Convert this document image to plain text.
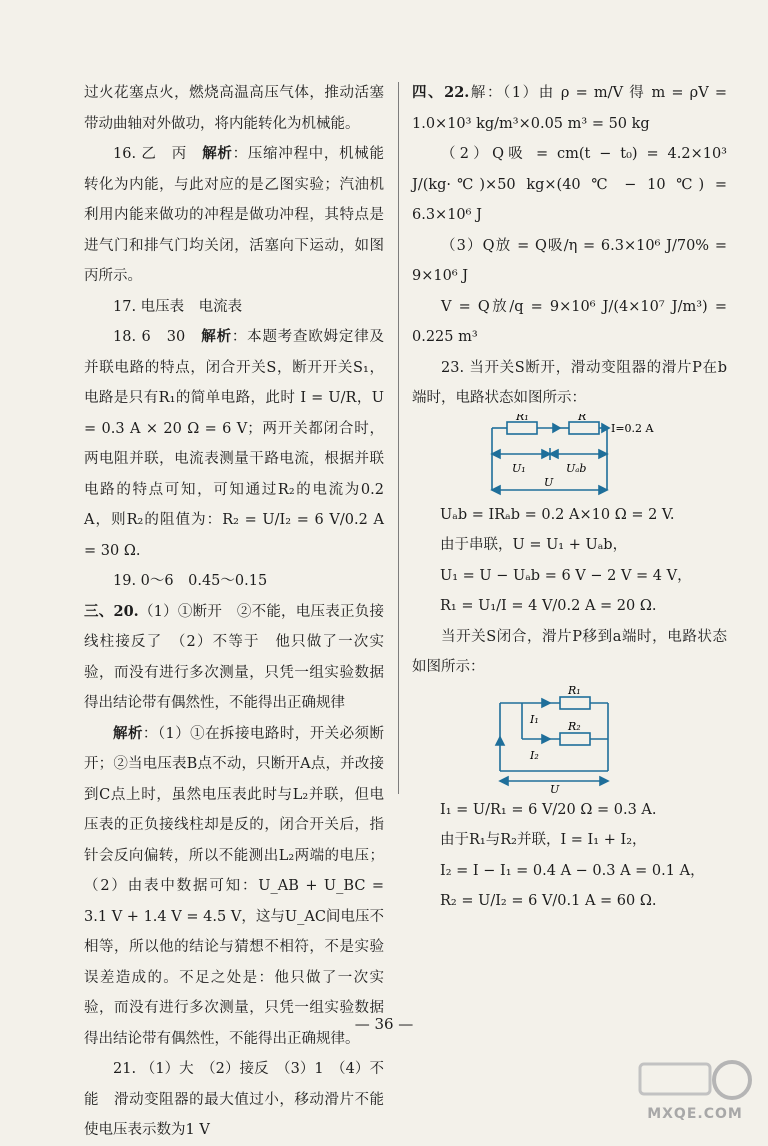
过火花塞点火，燃烧高温高压气体，推动活塞带动曲轴对外做功，将内能转化为机械能。

16. 乙　丙　解析：压缩冲程中，机械能转化为内能，与此对应的是乙图实验；汽油机利用内能来做功的冲程是做功冲程，其特点是进气门和排气门均关闭，活塞向下运动，如图丙所示。

17. 电压表　电流表

18. 6　30　解析：本题考查欧姆定律及并联电路的特点，闭合开关S，断开开关S₁，电路是只有R₁的简单电路，此时 I = U/R，U = 0.3 A × 20 Ω = 6 V；两开关都闭合时，两电阻并联，电流表测量干路电流，根据并联电路的特点可知，可知通过R₂的电流为0.2 A，则R₂的阻值为：R₂ = U/I₂ = 6 V/0.2 A = 30 Ω.

19. 0～6　0.45～0.15

三、20.（1）①断开　②不能，电压表正负接线柱接反了　（2）不等于　他只做了一次实验，而没有进行多次测量，只凭一组实验数据得出结论带有偶然性，不能得出正确规律

解析：（1）①在拆接电路时，开关必须断开；②当电压表B点不动，只断开A点，并改接到C点上时，虽然电压表此时与L₂并联，但电压表的正负接线柱却是反的，闭合开关后，指针会反向偏转，所以不能测出L₂两端的电压；（2）由表中数据可知：U_AB + U_BC = 3.1 V + 1.4 V = 4.5 V，这与U_AC间电压不相等，所以他的结论与猜想不相符，不是实验误差造成的。不足之处是：他只做了一次实验，而没有进行多次测量，只凭一组实验数据得出结论带有偶然性，不能得出正确规律。

21. （1）大　（2）接反　（3）1　（4）不能　滑动变阻器的最大值过小，移动滑片不能使电压表示数为1 V

四、22.解：（1）由 ρ = m/V 得 m = ρV = 1.0×10³ kg/m³×0.05 m³ = 50 kg

（2）Q吸 = cm(t − t₀) = 4.2×10³ J/(kg·℃)×50 kg×(40 ℃ − 10 ℃) = 6.3×10⁶ J

（3）Q放 = Q吸/η = 6.3×10⁶ J/70% = 9×10⁶ J

V = Q放/q = 9×10⁶ J/(4×10⁷ J/m³) = 0.225 m³

23. 当开关S断开，滑动变阻器的滑片P在b端时，电路状态如图所示：

R₁	R
I=0.2 A
U₁	Uₐb
U

Uₐb = IRₐb = 0.2 A×10 Ω = 2 V.

由于串联，U = U₁ + Uₐb，

U₁ = U − Uₐb = 6 V − 2 V = 4 V，

R₁ = U₁/I = 4 V/0.2 A = 20 Ω.

当开关S闭合，滑片P移到a端时，电路状态如图所示：

R₁
R₂
I₁
I₂
U

I₁ = U/R₁ = 6 V/20 Ω = 0.3 A.

由于R₁与R₂并联，I = I₁ + I₂，

I₂ = I − I₁ = 0.4 A − 0.3 A = 0.1 A，

R₂ = U/I₂ = 6 V/0.1 A = 60 Ω.

— 36 —
MXQE.COM
